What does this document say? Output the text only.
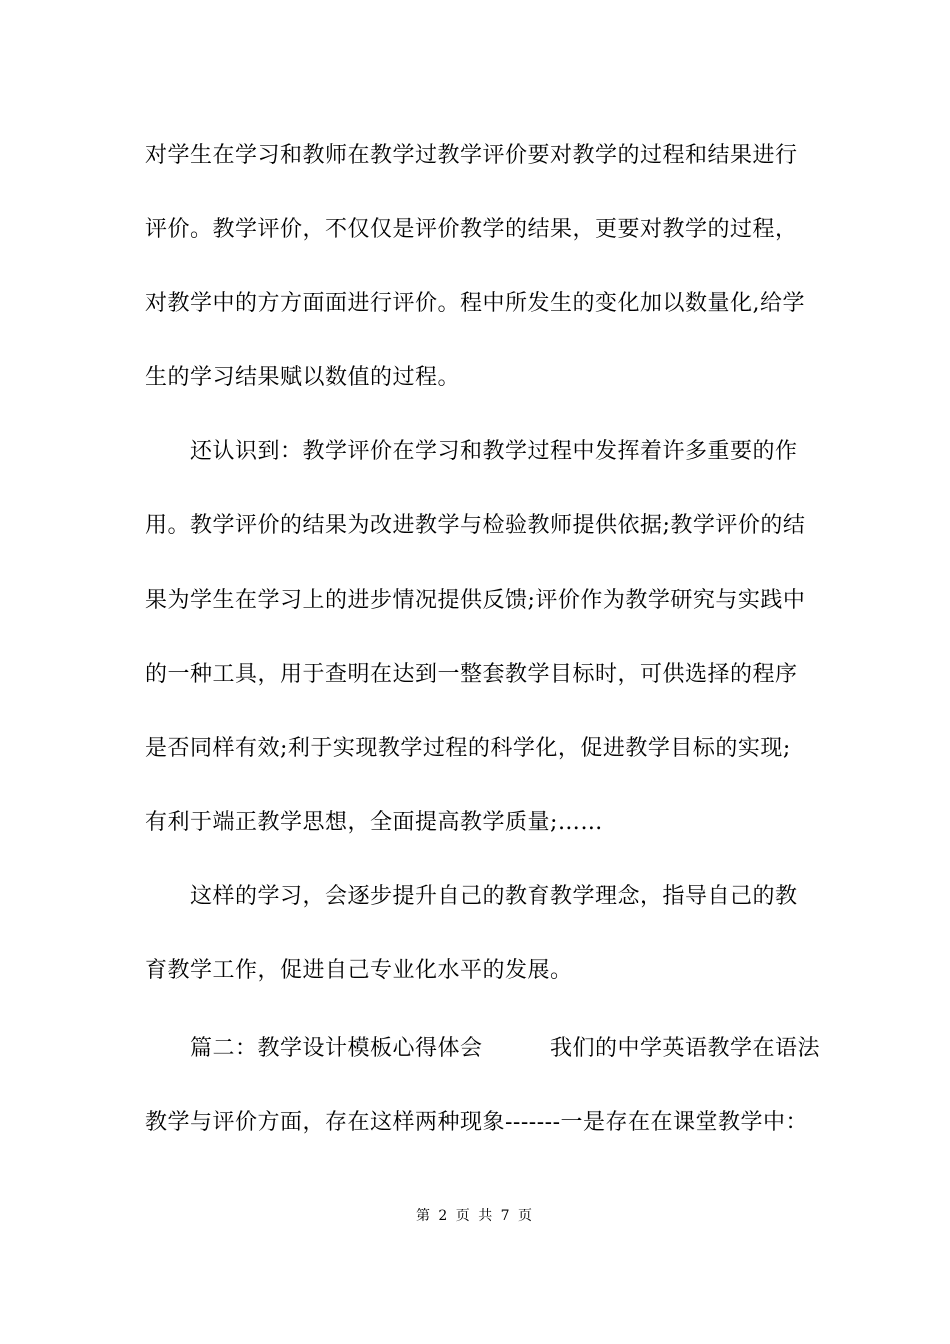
对学生在学习和教师在教学过教学评价要对教学的过程和结果进行
评价。教学评价，不仅仅是评价教学的结果，更要对教学的过程，
对教学中的方方面面进行评价。程中所发生的变化加以数量化,给学
生的学习结果赋以数值的过程。
　　还认识到：教学评价在学习和教学过程中发挥着许多重要的作
用。教学评价的结果为改进教学与检验教师提供依据;教学评价的结
果为学生在学习上的进步情况提供反馈;评价作为教学研究与实践中
的一种工具，用于查明在达到一整套教学目标时，可供选择的程序
是否同样有效;利于实现教学过程的科学化，促进教学目标的实现;
有利于端正教学思想，全面提高教学质量;……
　　这样的学习，会逐步提升自己的教育教学理念，指导自己的教
育教学工作，促进自己专业化水平的发展。
　　篇二：教学设计模板心得体会　　　我们的中学英语教学在语法
教学与评价方面，存在这样两种现象-------一是存在在课堂教学中：
第 2 页 共 7 页
